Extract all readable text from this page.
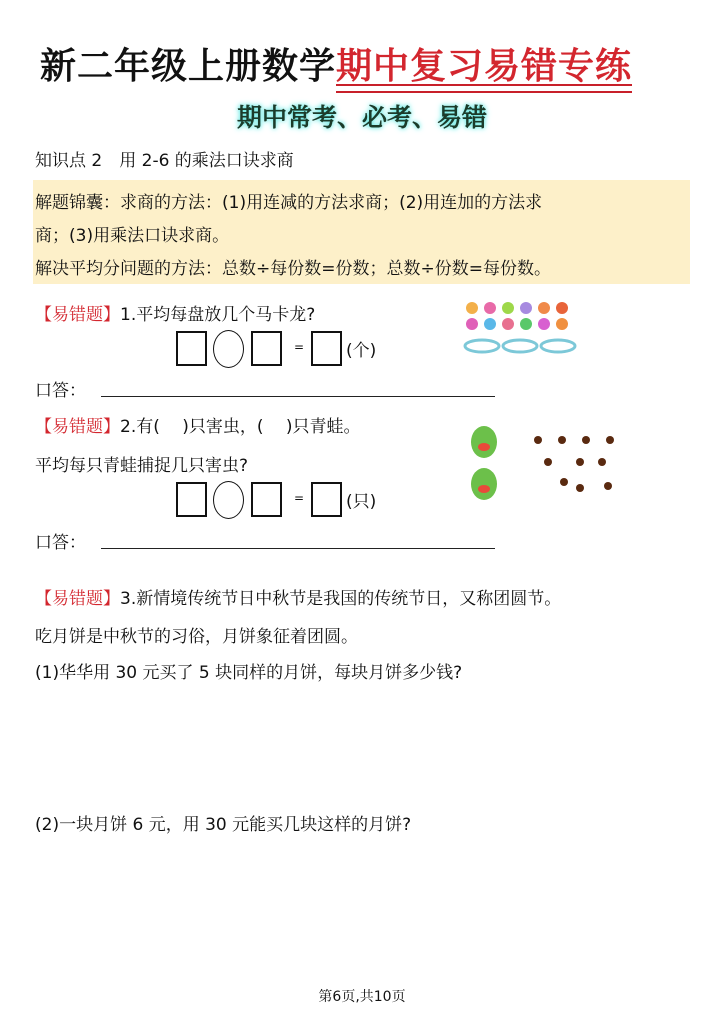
新二年级上册数学期中复习易错专练
期中常考、必考、易错
知识点 2　用 2-6 的乘法口诀求商
解题锦囊：求商的方法：(1)用连减的方法求商；(2)用连加的方法求
商；(3)用乘法口诀求商。
解决平均分问题的方法：总数÷每份数=份数；总数÷份数=每份数。
【易错题】1.平均每盘放几个马卡龙?
= (个)
口答：
【易错题】2.有(　 )只害虫，(　 )只青蛙。
平均每只青蛙捕捉几只害虫?
= (只)
口答：
【易错题】3.新情境传统节日中秋节是我国的传统节日，又称团圆节。
吃月饼是中秋节的习俗，月饼象征着团圆。
(1)华华用 30 元买了 5 块同样的月饼，每块月饼多少钱?
(2)一块月饼 6 元，用 30 元能买几块这样的月饼?
第6页,共10页
